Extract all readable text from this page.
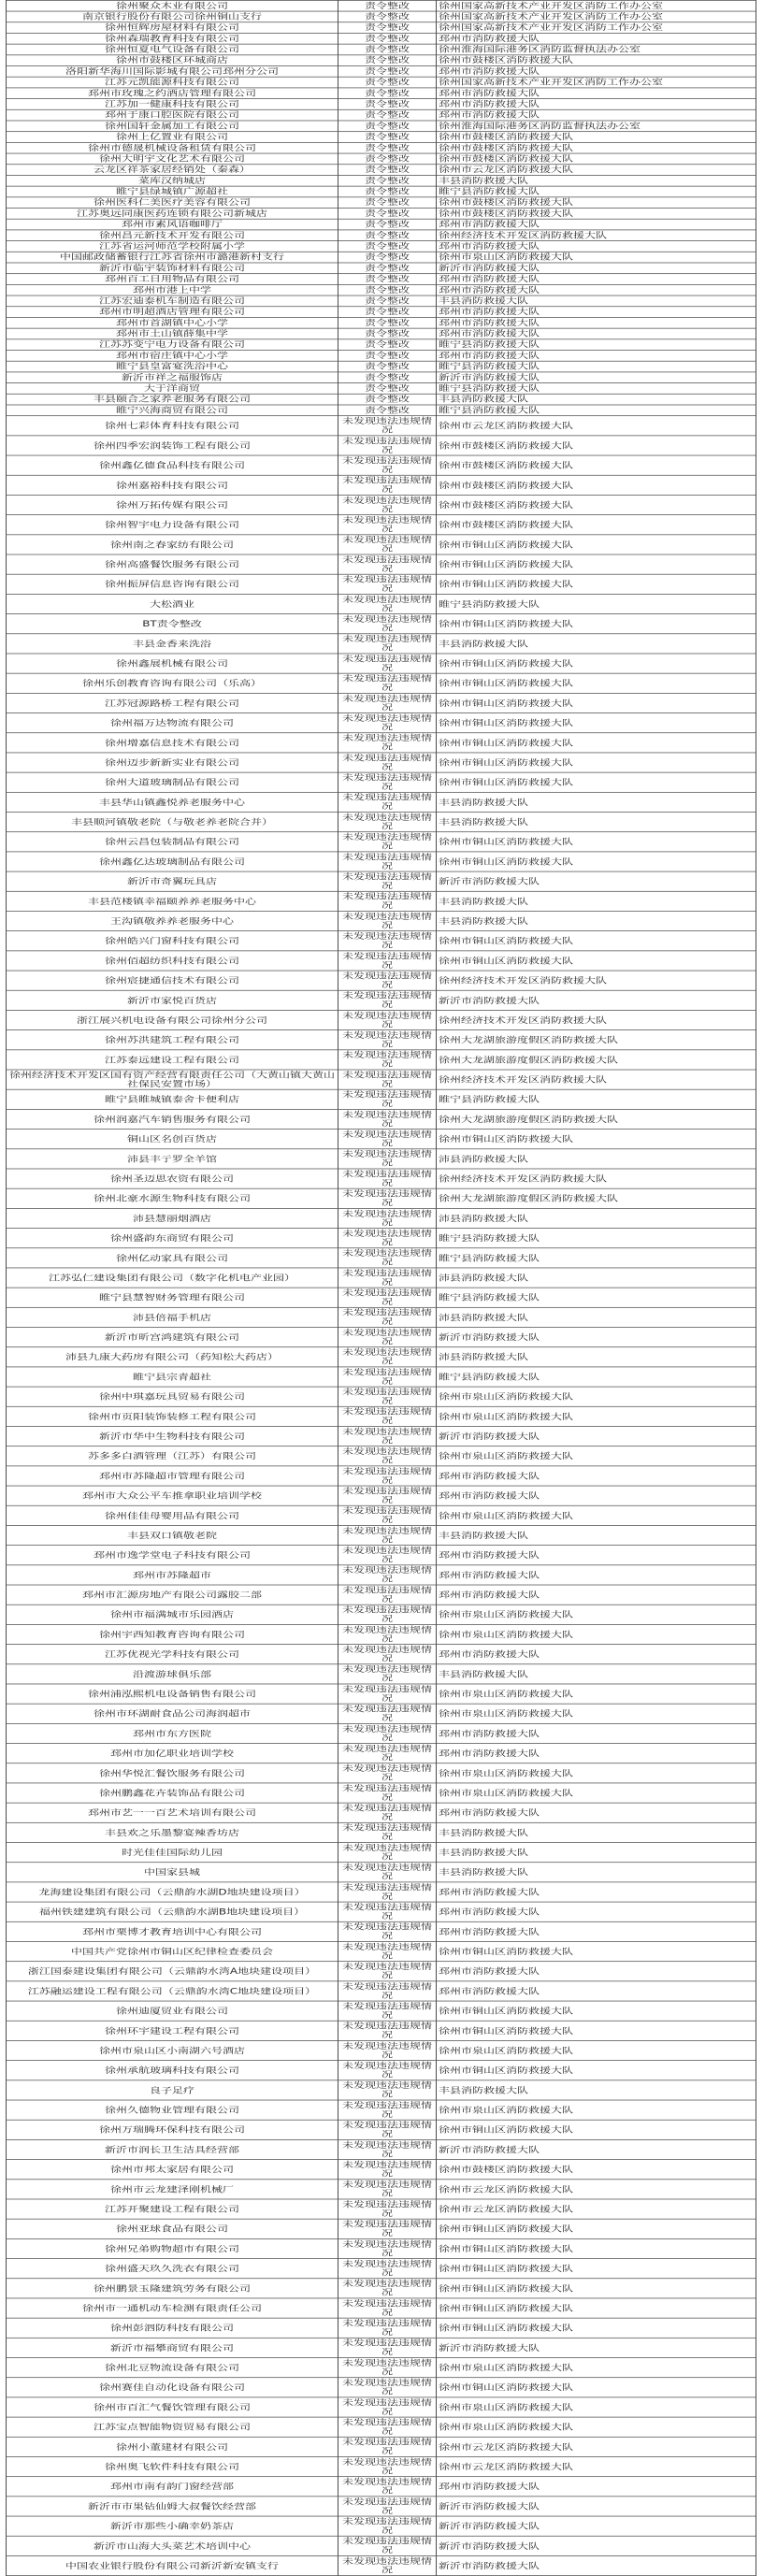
徐州聚众木业有限公司	责令整改	徐州国家高新技术产业开发区消防工作办公室
南京银行股份有限公司徐州铜山支行	责令整改	徐州国家高新技术产业开发区消防工作办公室
徐州恒辉房屋材料有限公司	责令整改	徐州国家高新技术产业开发区消防工作办公室
徐州森瑞教育科技有限公司	责令整改	邳州市消防救援大队
徐州恒夏电气设备有限公司	责令整改	徐州淮海国际港务区消防监督执法办公室
徐州市鼓楼区环城商店	责令整改	徐州市鼓楼区消防救援大队
洛阳新华海川国际影城有限公司邳州分公司	责令整改	邳州市消防救援大队
江苏元凯能源科技有限公司	责令整改	徐州国家高新技术产业开发区消防工作办公室
邳州市玫瑰之约酒店管理有限公司	责令整改	邳州市消防救援大队
江苏加一健康科技有限公司	责令整改	邳州市消防救援大队
邳州于康口腔医院有限公司	责令整改	邳州市消防救援大队
徐州国轩金属加工有限公司	责令整改	徐州淮海国际港务区消防监督执法办公室
徐州上亿置业有限公司	责令整改	徐州市鼓楼区消防救援大队
徐州市德晟机械设备租赁有限公司	责令整改	徐州市鼓楼区消防救援大队
徐州大明宇文化艺术有限公司	责令整改	徐州市鼓楼区消防救援大队
云龙区祥茶家居经销处（秦森）	责令整改	徐州市云龙区消防救援大队
菜库汉纳城店	责令整改	丰县消防救援大队
睢宁县绿城镇广源超社	责令整改	睢宁县消防救援大队
徐州医科仁美医疗美容有限公司	责令整改	徐州市鼓楼区消防救援大队
江苏奥远同康医药连锁有限公司新城店	责令整改	徐州市鼓楼区消防救援大队
邳州市素风语咖啡厅	责令整改	邳州市消防救援大队
徐州昌元新技术开发有限公司	责令整改	徐州经济技术开发区消防救援大队
江苏省运河师范学校附属小学	责令整改	邳州市消防救援大队
中国邮政储蓄银行江苏省徐州市潞港新村支行	责令整改	徐州市泉山区消防救援大队
新沂市临宇装饰材料有限公司	责令整改	新沂市消防救援大队
邳州百工日用物品有限公司	责令整改	邳州市消防救援大队
邳州市港上中学	责令整改	邳州市消防救援大队
江苏宏迪泰机车制造有限公司	责令整改	丰县消防救援大队
邳州市明超酒店管理有限公司	责令整改	邳州市消防救援大队
邳州市首湖镇中心小学	责令整改	邳州市消防救援大队
邳州市土山镇薛集中学	责令整改	邳州市消防救援大队
江苏苏变宁电力设备有限公司	责令整改	睢宁县消防救援大队
邳州市宿庄镇中心小学	责令整改	邳州市消防救援大队
睢宁县皇富宴洗浴中心	责令整改	睢宁县消防救援大队
新沂市祥之福服饰店	责令整改	新沂市消防救援大队
大于洋商贸	责令整改	睢宁县消防救援大队
丰县颐合之家养老服务有限公司	责令整改	丰县消防救援大队
睢宁兴海商贸有限公司	责令整改	睢宁县消防救援大队
徐州七彩体育科技有限公司	未发现违法违规情况	徐州市云龙区消防救援大队
徐州四季宏润装饰工程有限公司	未发现违法违规情况	徐州市鼓楼区消防救援大队
徐州鑫亿德食品科技有限公司	未发现违法违规情况	徐州市鼓楼区消防救援大队
徐州嘉裕科技有限公司	未发现违法违规情况	徐州市鼓楼区消防救援大队
徐州万拓传媒有限公司	未发现违法违规情况	徐州市鼓楼区消防救援大队
徐州智宇电力设备有限公司	未发现违法违规情况	徐州市鼓楼区消防救援大队
徐州南之春家纺有限公司	未发现违法违规情况	徐州市铜山区消防救援大队
徐州高盛餐饮服务有限公司	未发现违法违规情况	徐州市铜山区消防救援大队
徐州振屏信息咨询有限公司	未发现违法违规情况	徐州市铜山区消防救援大队
大松酒业	未发现违法违规情况	睢宁县消防救援大队
BT责令整改	未发现违法违规情况	徐州市铜山区消防救援大队
丰县金香来洗浴	未发现违法违规情况	丰县消防救援大队
徐州鑫展机械有限公司	未发现违法违规情况	徐州市铜山区消防救援大队
徐州乐创教育咨询有限公司（乐高）	未发现违法违规情况	徐州市铜山区消防救援大队
江苏冠源路桥工程有限公司	未发现违法违规情况	徐州市铜山区消防救援大队
徐州福万达物流有限公司	未发现违法违规情况	徐州市铜山区消防救援大队
徐州增嘉信息技术有限公司	未发现违法违规情况	徐州市铜山区消防救援大队
徐州迈步新新实业有限公司	未发现违法违规情况	徐州市铜山区消防救援大队
徐州大道玻璃制品有限公司	未发现违法违规情况	徐州市铜山区消防救援大队
丰县华山镇鑫悦养老服务中心	未发现违法违规情况	丰县消防救援大队
丰县顺河镇敬老院（与敬老养老院合并）	未发现违法违规情况	丰县消防救援大队
徐州云昌包装制品有限公司	未发现违法违规情况	徐州市铜山区消防救援大队
徐州鑫亿达玻璃制品有限公司	未发现违法违规情况	徐州市铜山区消防救援大队
新沂市奇翼玩具店	未发现违法违规情况	新沂市消防救援大队
丰县范楼镇幸福颐养养老服务中心	未发现违法违规情况	丰县消防救援大队
王沟镇敬养养老服务中心	未发现违法违规情况	丰县消防救援大队
徐州皓兴门窗科技有限公司	未发现违法违规情况	徐州市铜山区消防救援大队
徐州佰超纺织科技有限公司	未发现违法违规情况	徐州市铜山区消防救援大队
徐州宸捷通信技术有限公司	未发现违法违规情况	徐州经济技术开发区消防救援大队
新沂市家悦百货店	未发现违法违规情况	新沂市消防救援大队
浙江展兴机电设备有限公司徐州分公司	未发现违法违规情况	徐州经济技术开发区消防救援大队
徐州苏洪建筑工程有限公司	未发现违法违规情况	徐州大龙湖旅游度假区消防救援大队
江苏泰远建设工程有限公司	未发现违法违规情况	徐州大龙湖旅游度假区消防救援大队
徐州经济技术开发区国有资产经营有限责任公司（大黄山镇大黄山社保民安置市场）	未发现违法违规情况	徐州经济技术开发区消防救援大队
睢宁县睢城镇泰舍卡便利店	未发现违法违规情况	睢宁县消防救援大队
徐州润嘉汽车销售服务有限公司	未发现违法违规情况	徐州大龙湖旅游度假区消防救援大队
铜山区名创百货店	未发现违法违规情况	徐州市铜山区消防救援大队
沛县丰亍罗全羊馆	未发现违法违规情况	沛县消防救援大队
徐州圣迈思农资有限公司	未发现违法违规情况	徐州经济技术开发区消防救援大队
徐州北豪水源生物科技有限公司	未发现违法违规情况	徐州大龙湖旅游度假区消防救援大队
沛县慧丽烟酒店	未发现违法违规情况	沛县消防救援大队
徐州盛韵东商贸有限公司	未发现违法违规情况	睢宁县消防救援大队
徐州亿动家具有限公司	未发现违法违规情况	睢宁县消防救援大队
江苏弘仁建设集团有限公司（数字化机电产业园）	未发现违法违规情况	沛县消防救援大队
睢宁县慧智财务管理有限公司	未发现违法违规情况	睢宁县消防救援大队
沛县倍福手机店	未发现违法违规情况	沛县消防救援大队
新沂市昕宫鸿建筑有限公司	未发现违法违规情况	新沂市消防救援大队
沛县九康大药房有限公司（药知松大药店）	未发现违法违规情况	沛县消防救援大队
睢宁县宗青超社	未发现违法违规情况	睢宁县消防救援大队
徐州中琪嘉玩具贸易有限公司	未发现违法违规情况	徐州市泉山区消防救援大队
徐州市页阳装饰装修工程有限公司	未发现违法违规情况	徐州市泉山区消防救援大队
新沂市华中生物科技有限公司	未发现违法违规情况	新沂市消防救援大队
苏多多白酒管理（江苏）有限公司	未发现违法违规情况	徐州市泉山区消防救援大队
邳州市苏隆超市管理有限公司	未发现违法违规情况	邳州市消防救援大队
邳州市大众公平车推拿职业培训学校	未发现违法违规情况	邳州市消防救援大队
徐州佳佳母婴用品有限公司	未发现违法违规情况	徐州市泉山区消防救援大队
丰县双口镇敬老院	未发现违法违规情况	丰县消防救援大队
邳州市逸学堂电子科技有限公司	未发现违法违规情况	邳州市消防救援大队
邳州市苏隆超市	未发现违法违规情况	邳州市消防救援大队
邳州市汇源房地产有限公司露胶二部	未发现违法违规情况	邳州市消防救援大队
徐州市福满城市乐园酒店	未发现违法违规情况	徐州市泉山区消防救援大队
徐州宇西知教育咨询有限公司	未发现违法违规情况	徐州市泉山区消防救援大队
江苏优视光学科技有限公司	未发现违法违规情况	邳州市消防救援大队
沿渡游球俱乐部	未发现违法违规情况	丰县消防救援大队
徐州浦泓熙机电设备销售有限公司	未发现违法违规情况	徐州市泉山区消防救援大队
徐州市环湖耐食品公司海润超市	未发现违法违规情况	徐州市泉山区消防救援大队
邳州市东方医院	未发现违法违规情况	邳州市消防救援大队
邳州市加亿职业培训学校	未发现违法违规情况	邳州市消防救援大队
徐州华悦汇餐饮服务有限公司	未发现违法违规情况	徐州市泉山区消防救援大队
徐州鹏鑫花卉装饰品有限公司	未发现违法违规情况	徐州市泉山区消防救援大队
邳州市艺一一百艺术培训有限公司	未发现违法违规情况	邳州市消防救援大队
丰县欢之乐墨黎宴辣香坊店	未发现违法违规情况	丰县消防救援大队
时光佳佳国际幼儿园	未发现违法违规情况	丰县消防救援大队
中国家县城	未发现违法违规情况	丰县消防救援大队
龙海建设集团有限公司（云鼎韵水湖D地块建设项目）	未发现违法违规情况	邳州市消防救援大队
福州铁建建筑有限公司（云鼎韵水湖B地块建设项目）	未发现违法违规情况	邳州市消防救援大队
邳州市栗博才教育培训中心有限公司	未发现违法违规情况	邳州市消防救援大队
中国共产党徐州市铜山区纪律检查委员会	未发现违法违规情况	徐州市铜山区消防救援大队
浙江国泰建设集团有限公司（云鼎韵水湾A地块建设项目）	未发现违法违规情况	邳州市消防救援大队
江苏融运建设工程有限公司（云鼎韵水湾C地块建设项目）	未发现违法违规情况	邳州市消防救援大队
徐州迪厦贸业有限公司	未发现违法违规情况	徐州市铜山区消防救援大队
徐州环宇建设工程有限公司	未发现违法违规情况	徐州市铜山区消防救援大队
徐州市泉山区小南湖六号酒店	未发现违法违规情况	徐州市泉山区消防救援大队
徐州承航玻璃科技有限公司	未发现违法违规情况	徐州市铜山区消防救援大队
良子足疗	未发现违法违规情况	丰县消防救援大队
徐州久德物业管理有限公司	未发现违法违规情况	徐州市泉山区消防救援大队
徐州万瑞腾环保科技有限公司	未发现违法违规情况	徐州市铜山区消防救援大队
新沂市润长卫生洁具经营部	未发现违法违规情况	新沂市消防救援大队
徐州市邦太家居有限公司	未发现违法违规情况	徐州市鼓楼区消防救援大队
徐州市云龙建泽刚机械厂	未发现违法违规情况	徐州市云龙区消防救援大队
江苏开聚建设工程有限公司	未发现违法违规情况	徐州市云龙区消防救援大队
徐州亚球食品有限公司	未发现违法违规情况	徐州市铜山区消防救援大队
徐州兄弟购物超市有限公司	未发现违法违规情况	徐州市铜山区消防救援大队
徐州盛天玖久洗衣有限公司	未发现违法违规情况	徐州市铜山区消防救援大队
徐州鹏景玉隆建筑劳务有限公司	未发现违法违规情况	徐州市铜山区消防救援大队
徐州市一通机动车检测有限责任公司	未发现违法违规情况	徐州市铜山区消防救援大队
徐州彭泗防科技有限公司	未发现违法违规情况	徐州市铜山区消防救援大队
新沂市福攀商贸有限公司	未发现违法违规情况	新沂市消防救援大队
徐州北豆物流设备有限公司	未发现违法违规情况	徐州市泉山区消防救援大队
徐州赛佳自动化设备有限公司	未发现违法违规情况	徐州市铜山区消防救援大队
徐州市百汇气餐饮管理有限公司	未发现违法违规情况	徐州市泉山区消防救援大队
江苏宝点智能物资贸易有限公司	未发现违法违规情况	徐州市泉山区消防救援大队
徐州小董建材有限公司	未发现违法违规情况	徐州市云龙区消防救援大队
徐州奥飞软件科技有限公司	未发现违法违规情况	徐州市云龙区消防救援大队
邳州市南有韵门窗经营部	未发现违法违规情况	邳州市消防救援大队
新沂市市果钻仙姆大叔餐饮经营部	未发现违法违规情况	新沂市消防救援大队
新沂市那些小确幸奶茶店	未发现违法违规情况	新沂市消防救援大队
新沂市山海大头菜艺术培训中心	未发现违法违规情况	新沂市消防救援大队
中国农业银行股份有限公司新沂新安镇支行	未发现违法违规情况	新沂市消防救援大队
